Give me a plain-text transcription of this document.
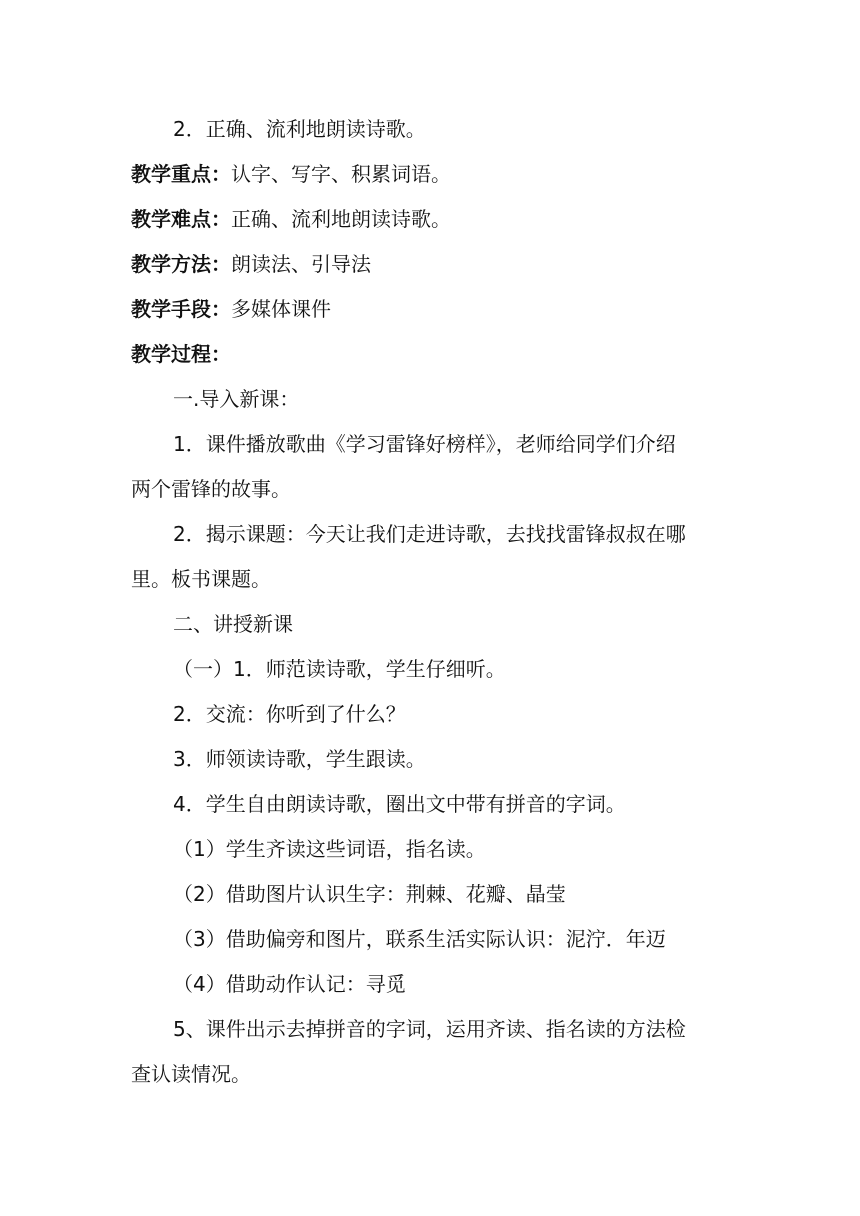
2．正确、流利地朗读诗歌。
教学重点：认字、写字、积累词语。
教学难点：正确、流利地朗读诗歌。
教学方法：朗读法、引导法
教学手段：多媒体课件
教学过程：
一.导入新课：
1．课件播放歌曲《学习雷锋好榜样》，老师给同学们介绍
两个雷锋的故事。
2．揭示课题：今天让我们走进诗歌，去找找雷锋叔叔在哪
里。板书课题。
二、讲授新课
（一）1．师范读诗歌，学生仔细听。
2．交流：你听到了什么？
3．师领读诗歌，学生跟读。
4．学生自由朗读诗歌，圈出文中带有拼音的字词。
（1）学生齐读这些词语，指名读。
（2）借助图片认识生字：荆棘、花瓣、晶莹
（3）借助偏旁和图片，联系生活实际认识：泥泞．年迈
（4）借助动作认记：寻觅
5、课件出示去掉拼音的字词，运用齐读、指名读的方法检
查认读情况。
